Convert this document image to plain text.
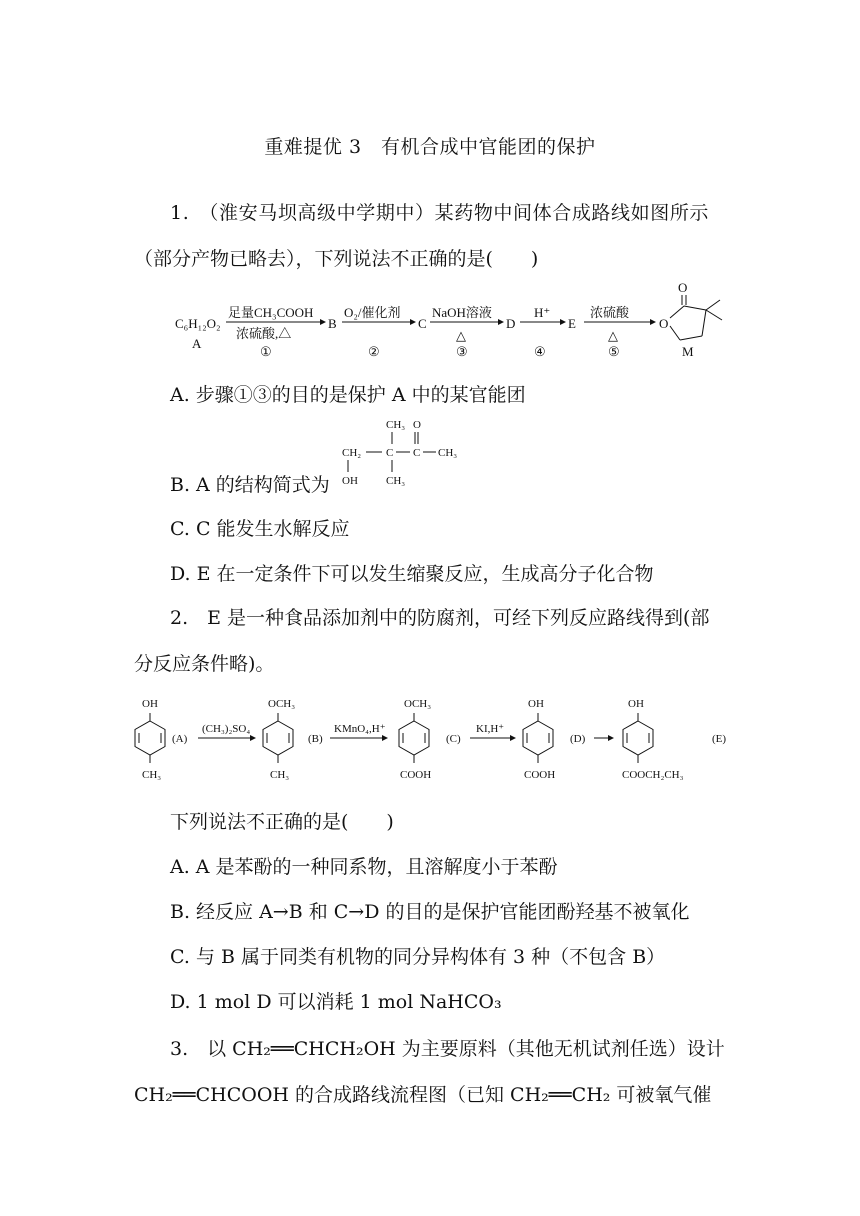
重难提优 3　有机合成中官能团的保护
1.　（淮安马坝高级中学期中）某药物中间体合成路线如图所示
（部分产物已略去），下列说法不正确的是(　　)
C₆H₁₂O₂
A
足量CH₃COOH
浓硫酸,△
①
B
O₂/催化剂
②
C
NaOH溶液
△
③
D
H⁺
④
E
浓硫酸
△
⑤
O
O
M
A. 步骤①③的目的是保护 A 中的某官能团
CH₃ O
CH₂ C C CH₃
OH	CH₃
B. A 的结构简式为
C. C 能发生水解反应
D. E 在一定条件下可以发生缩聚反应，生成高分子化合物
2.　E 是一种食品添加剂中的防腐剂，可经下列反应路线得到(部
分反应条件略)。
OH
CH₃
(A)
(CH₃)₂SO₄
OCH₃
CH₃
(B)
KMnO₄,H⁺
OCH₃
COOH
(C)
KI,H⁺
OH
COOH
(D)
OH
COOCH₂CH₃
(E)
下列说法不正确的是(　　)
A. A 是苯酚的一种同系物，且溶解度小于苯酚
B. 经反应 A→B 和 C→D 的目的是保护官能团酚羟基不被氧化
C. 与 B 属于同类有机物的同分异构体有 3 种（不包含 B）
D. 1 mol D 可以消耗 1 mol NaHCO₃
3.　以 CH₂══CHCH₂OH 为主要原料（其他无机试剂任选）设计
CH₂══CHCOOH 的合成路线流程图（已知 CH₂══CH₂ 可被氧气催
